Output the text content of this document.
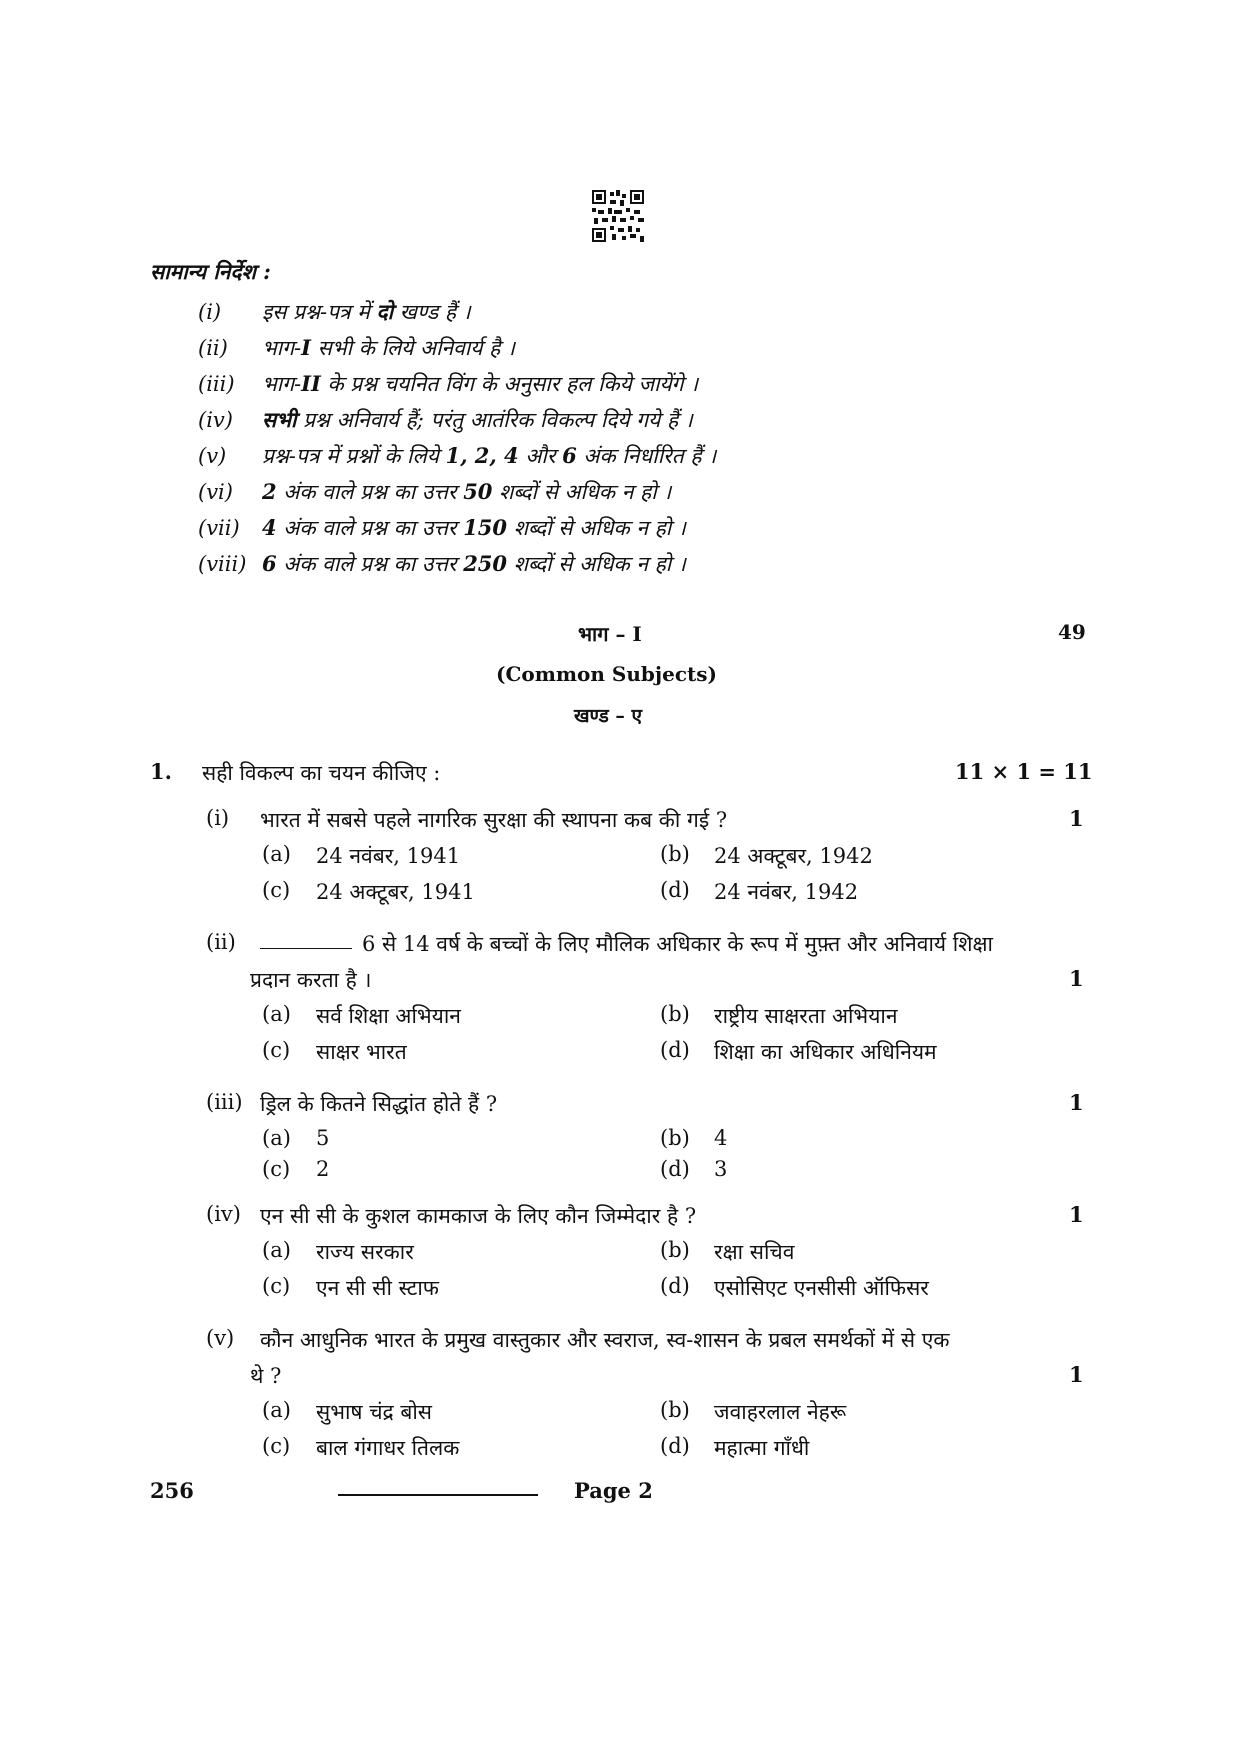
सामान्य निर्देश :
(i) इस प्रश्न-पत्र में दो खण्ड हैं ।
(ii) भाग-I सभी के लिये अनिवार्य है ।
(iii) भाग-II के प्रश्न चयनित विंग के अनुसार हल किये जायेंगे ।
(iv) सभी प्रश्न अनिवार्य हैं; परंतु आतंरिक विकल्प दिये गये हैं ।
(v) प्रश्न-पत्र में प्रश्नों के लिये 1, 2, 4 और 6 अंक निर्धारित हैं ।
(vi) 2 अंक वाले प्रश्न का उत्तर 50 शब्दों से अधिक न हो ।
(vii) 4 अंक वाले प्रश्न का उत्तर 150 शब्दों से अधिक न हो ।
(viii) 6 अंक वाले प्रश्न का उत्तर 250 शब्दों से अधिक न हो ।
भाग – I	49
(Common Subjects)
खण्ड – ए
1. सही विकल्प का चयन कीजिए :	11 × 1 = 11
(i) भारत में सबसे पहले नागरिक सुरक्षा की स्थापना कब की गई ?	1
(a) 24 नवंबर, 1941	(b) 24 अक्टूबर, 1942
(c) 24 अक्टूबर, 1941	(d) 24 नवंबर, 1942
(ii)	6 से 14 वर्ष के बच्चों के लिए मौलिक अधिकार के रूप में मुफ़्त और अनिवार्य शिक्षा
प्रदान करता है ।	1
(a) सर्व शिक्षा अभियान	(b) राष्ट्रीय साक्षरता अभियान
(c) साक्षर भारत	(d) शिक्षा का अधिकार अधिनियम
(iii) ड्रिल के कितने सिद्धांत होते हैं ?	1
(a) 5	(b) 4
(c) 2	(d) 3
(iv) एन सी सी के कुशल कामकाज के लिए कौन जिम्मेदार है ?	1
(a) राज्य सरकार	(b) रक्षा सचिव
(c) एन सी सी स्टाफ	(d) एसोसिएट एनसीसी ऑफिसर
(v) कौन आधुनिक भारत के प्रमुख वास्तुकार और स्वराज, स्व-शासन के प्रबल समर्थकों में से एक
थे ?	1
(a) सुभाष चंद्र बोस	(b) जवाहरलाल नेहरू
(c) बाल गंगाधर तिलक	(d) महात्मा गाँधी
256	Page 2
